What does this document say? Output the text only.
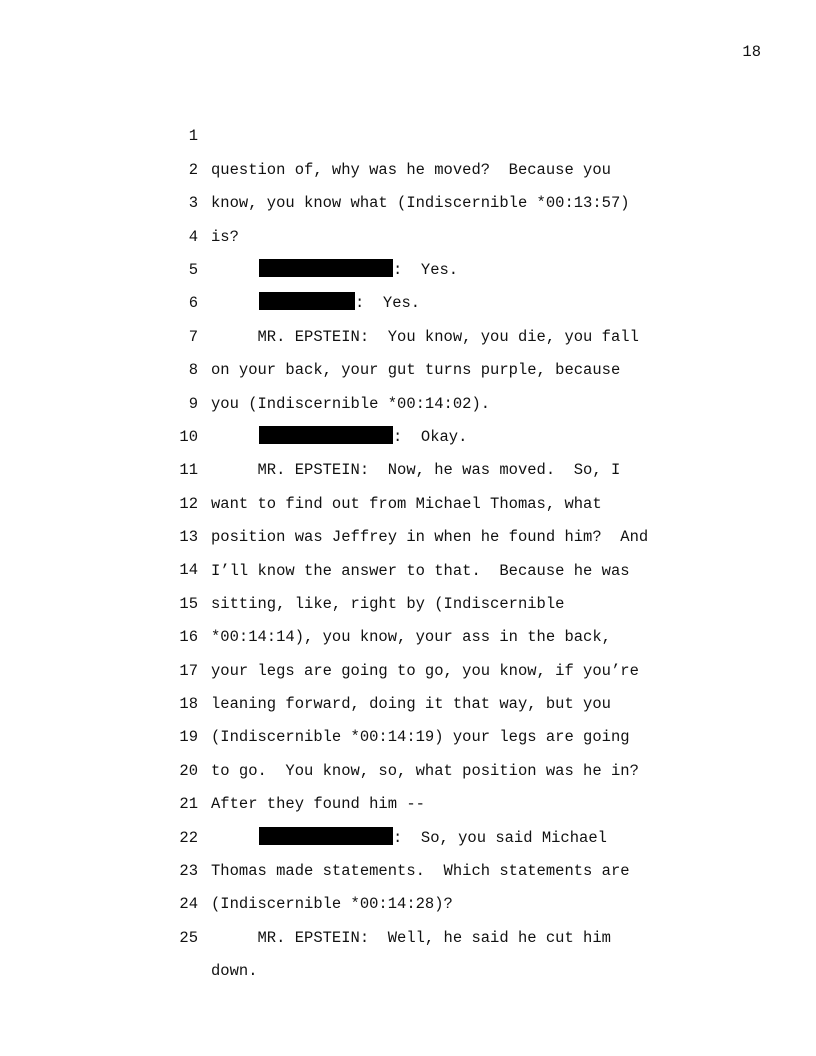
18

1

question of, why was he moved?  Because you

2

know, you know what (Indiscernible *00:13:57)

3

is?

4

:  Yes.

5

:  Yes.

6

MR. EPSTEIN:  You know, you die, you fall

7

on your back, your gut turns purple, because

8

you (Indiscernible *00:14:02).

9

:  Okay.

10

MR. EPSTEIN:  Now, he was moved.  So, I

11

want to find out from Michael Thomas, what

12

position was Jeffrey in when he found him?  And

13

I’ll know the answer to that.  Because he was

14

sitting, like, right by (Indiscernible

15

*00:14:14), you know, your ass in the back,

16

your legs are going to go, you know, if you’re

17

leaning forward, doing it that way, but you

18

(Indiscernible *00:14:19) your legs are going

19

to go.  You know, so, what position was he in?

20

After they found him --

21

:  So, you said Michael

22

Thomas made statements.  Which statements are

23

(Indiscernible *00:14:28)?

24

MR. EPSTEIN:  Well, he said he cut him

25

down.
